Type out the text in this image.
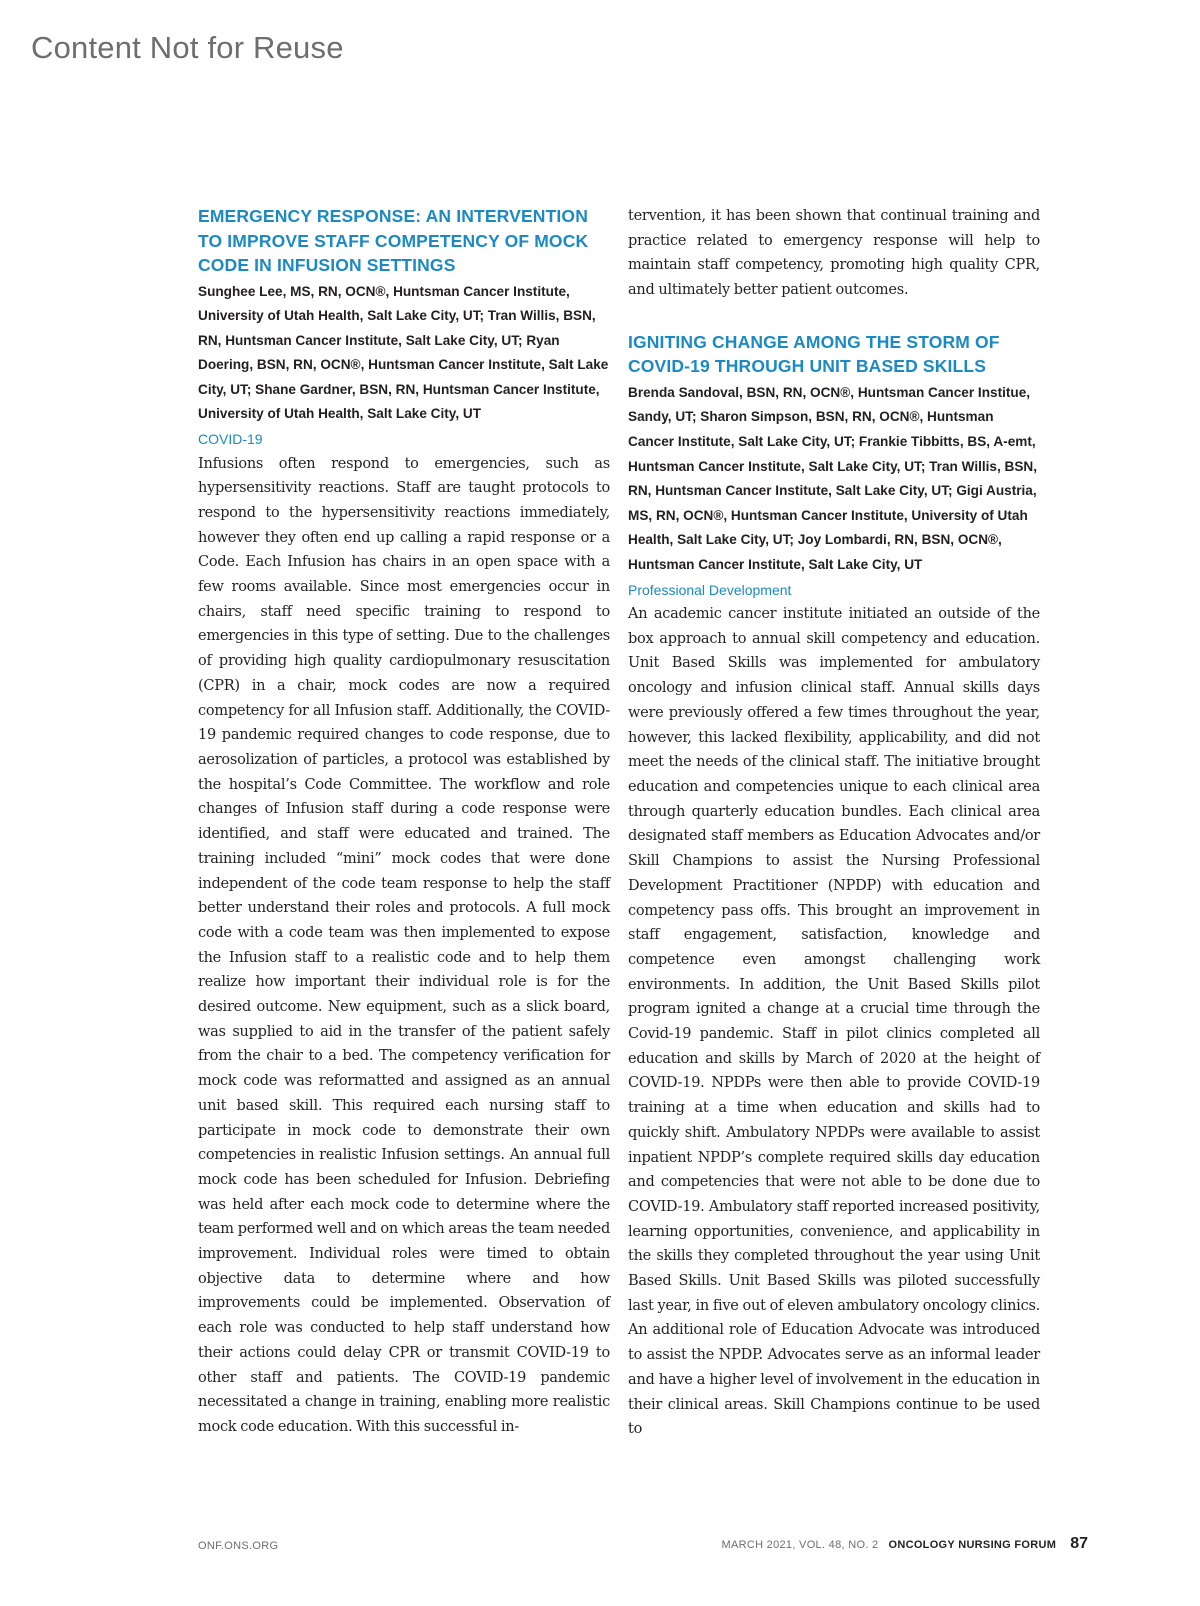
Content Not for Reuse
EMERGENCY RESPONSE: AN INTERVENTION TO IMPROVE STAFF COMPETENCY OF MOCK CODE IN INFUSION SETTINGS

Sunghee Lee, MS, RN, OCN®, Huntsman Cancer Institute, University of Utah Health, Salt Lake City, UT; Tran Willis, BSN, RN, Huntsman Cancer Institute, Salt Lake City, UT; Ryan Doering, BSN, RN, OCN®, Huntsman Cancer Institute, Salt Lake City, UT; Shane Gardner, BSN, RN, Huntsman Cancer Institute, University of Utah Health, Salt Lake City, UT

COVID-19

Infusions often respond to emergencies, such as hypersensitivity reactions. Staff are taught protocols to respond to the hypersensitivity reactions immediately, however they often end up calling a rapid response or a Code. Each Infusion has chairs in an open space with a few rooms available. Since most emergencies occur in chairs, staff need specific training to respond to emergencies in this type of setting. Due to the challenges of providing high quality cardiopulmonary resuscitation (CPR) in a chair, mock codes are now a required competency for all Infusion staff. Additionally, the COVID-19 pandemic required changes to code response, due to aerosolization of particles, a protocol was established by the hospital’s Code Committee. The workflow and role changes of Infusion staff during a code response were identified, and staff were educated and trained. The training included “mini” mock codes that were done independent of the code team response to help the staff better understand their roles and protocols. A full mock code with a code team was then implemented to expose the Infusion staff to a realistic code and to help them realize how important their individual role is for the desired outcome. New equipment, such as a slick board, was supplied to aid in the transfer of the patient safely from the chair to a bed. The competency verification for mock code was reformatted and assigned as an annual unit based skill. This required each nursing staff to participate in mock code to demonstrate their own competencies in realistic Infusion settings. An annual full mock code has been scheduled for Infusion. Debriefing was held after each mock code to determine where the team performed well and on which areas the team needed improvement. Individual roles were timed to obtain objective data to determine where and how improvements could be implemented. Observation of each role was conducted to help staff understand how their actions could delay CPR or transmit COVID-19 to other staff and patients. The COVID-19 pandemic necessitated a change in training, enabling more realistic mock code education. With this successful in-

tervention, it has been shown that continual training and practice related to emergency response will help to maintain staff competency, promoting high quality CPR, and ultimately better patient outcomes.

IGNITING CHANGE AMONG THE STORM OF COVID-19 THROUGH UNIT BASED SKILLS

Brenda Sandoval, BSN, RN, OCN®, Huntsman Cancer Institue, Sandy, UT; Sharon Simpson, BSN, RN, OCN®, Huntsman Cancer Institute, Salt Lake City, UT; Frankie Tibbitts, BS, A-emt, Huntsman Cancer Institute, Salt Lake City, UT; Tran Willis, BSN, RN, Huntsman Cancer Institute, Salt Lake City, UT; Gigi Austria, MS, RN, OCN®, Huntsman Cancer Institute, University of Utah Health, Salt Lake City, UT; Joy Lombardi, RN, BSN, OCN®, Huntsman Cancer Institute, Salt Lake City, UT

Professional Development

An academic cancer institute initiated an outside of the box approach to annual skill competency and education. Unit Based Skills was implemented for ambulatory oncology and infusion clinical staff. Annual skills days were previously offered a few times throughout the year, however, this lacked flexibility, applicability, and did not meet the needs of the clinical staff. The initiative brought education and competencies unique to each clinical area through quarterly education bundles. Each clinical area designated staff members as Education Advocates and/or Skill Champions to assist the Nursing Professional Development Practitioner (NPDP) with education and competency pass offs. This brought an improvement in staff engagement, satisfaction, knowledge and competence even amongst challenging work environments. In addition, the Unit Based Skills pilot program ignited a change at a crucial time through the Covid-19 pandemic. Staff in pilot clinics completed all education and skills by March of 2020 at the height of COVID-19. NPDPs were then able to provide COVID-19 training at a time when education and skills had to quickly shift. Ambulatory NPDPs were available to assist inpatient NPDP’s complete required skills day education and competencies that were not able to be done due to COVID-19. Ambulatory staff reported increased positivity, learning opportunities, convenience, and applicability in the skills they completed throughout the year using Unit Based Skills. Unit Based Skills was piloted successfully last year, in five out of eleven ambulatory oncology clinics. An additional role of Education Advocate was introduced to assist the NPDP. Advocates serve as an informal leader and have a higher level of involvement in the education in their clinical areas. Skill Champions continue to be used to

ONF.ONS.ORG	MARCH 2021, VOL. 48, NO. 2 ONCOLOGY NURSING FORUM 87
